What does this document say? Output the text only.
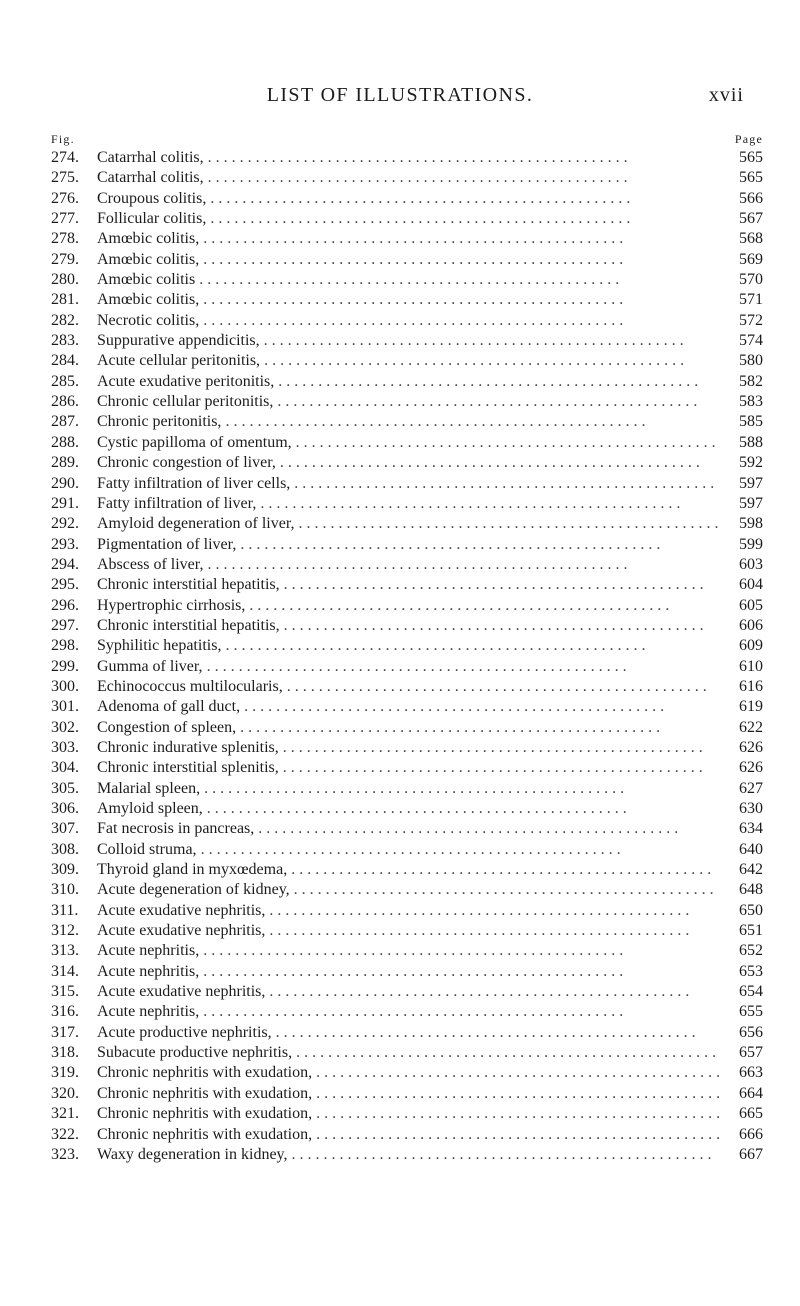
LIST OF ILLUSTRATIONS.	xvii
Fig.	Page
274.	Catarrhal colitis, . .	565
275.	Catarrhal colitis, . .	565
276.	Croupous colitis, . .	566
277.	Follicular colitis, . .	567
278.	Amœbic colitis, . .	568
279.	Amœbic colitis, . .	569
280.	Amœbic colitis . .	570
281.	Amœbic colitis, . .	571
282.	Necrotic colitis, . .	572
283.	Suppurative appendicitis, . .	574
284.	Acute cellular peritonitis, . .	580
285.	Acute exudative peritonitis, . .	582
286.	Chronic cellular peritonitis, . .	583
287.	Chronic peritonitis, . .	585
288.	Cystic papilloma of omentum, . .	588
289.	Chronic congestion of liver, . .	592
290.	Fatty infiltration of liver cells, . .	597
291.	Fatty infiltration of liver, . .	597
292.	Amyloid degeneration of liver, . .	598
293.	Pigmentation of liver, . .	599
294.	Abscess of liver, . .	603
295.	Chronic interstitial hepatitis, . .	604
296.	Hypertrophic cirrhosis, . .	605
297.	Chronic interstitial hepatitis, . .	606
298.	Syphilitic hepatitis, . .	609
299.	Gumma of liver, . .	610
300.	Echinococcus multilocularis, . .	616
301.	Adenoma of gall duct, . .	619
302.	Congestion of spleen, . .	622
303.	Chronic indurative splenitis, . .	626
304.	Chronic interstitial splenitis, . .	626
305.	Malarial spleen, . .	627
306.	Amyloid spleen, . .	630
307.	Fat necrosis in pancreas, . .	634
308.	Colloid struma, . .	640
309.	Thyroid gland in myxœdema, . .	642
310.	Acute degeneration of kidney, . .	648
311.	Acute exudative nephritis, . .	650
312.	Acute exudative nephritis, . .	651
313.	Acute nephritis, . .	652
314.	Acute nephritis, . .	653
315.	Acute exudative nephritis, . .	654
316.	Acute nephritis, . .	655
317.	Acute productive nephritis, . .	656
318.	Subacute productive nephritis, . .	657
319.	Chronic nephritis with exudation, . .	663
320.	Chronic nephritis with exudation, . .	664
321.	Chronic nephritis with exudation, . .	665
322.	Chronic nephritis with exudation, . .	666
323.	Waxy degeneration in kidney, . .	667
